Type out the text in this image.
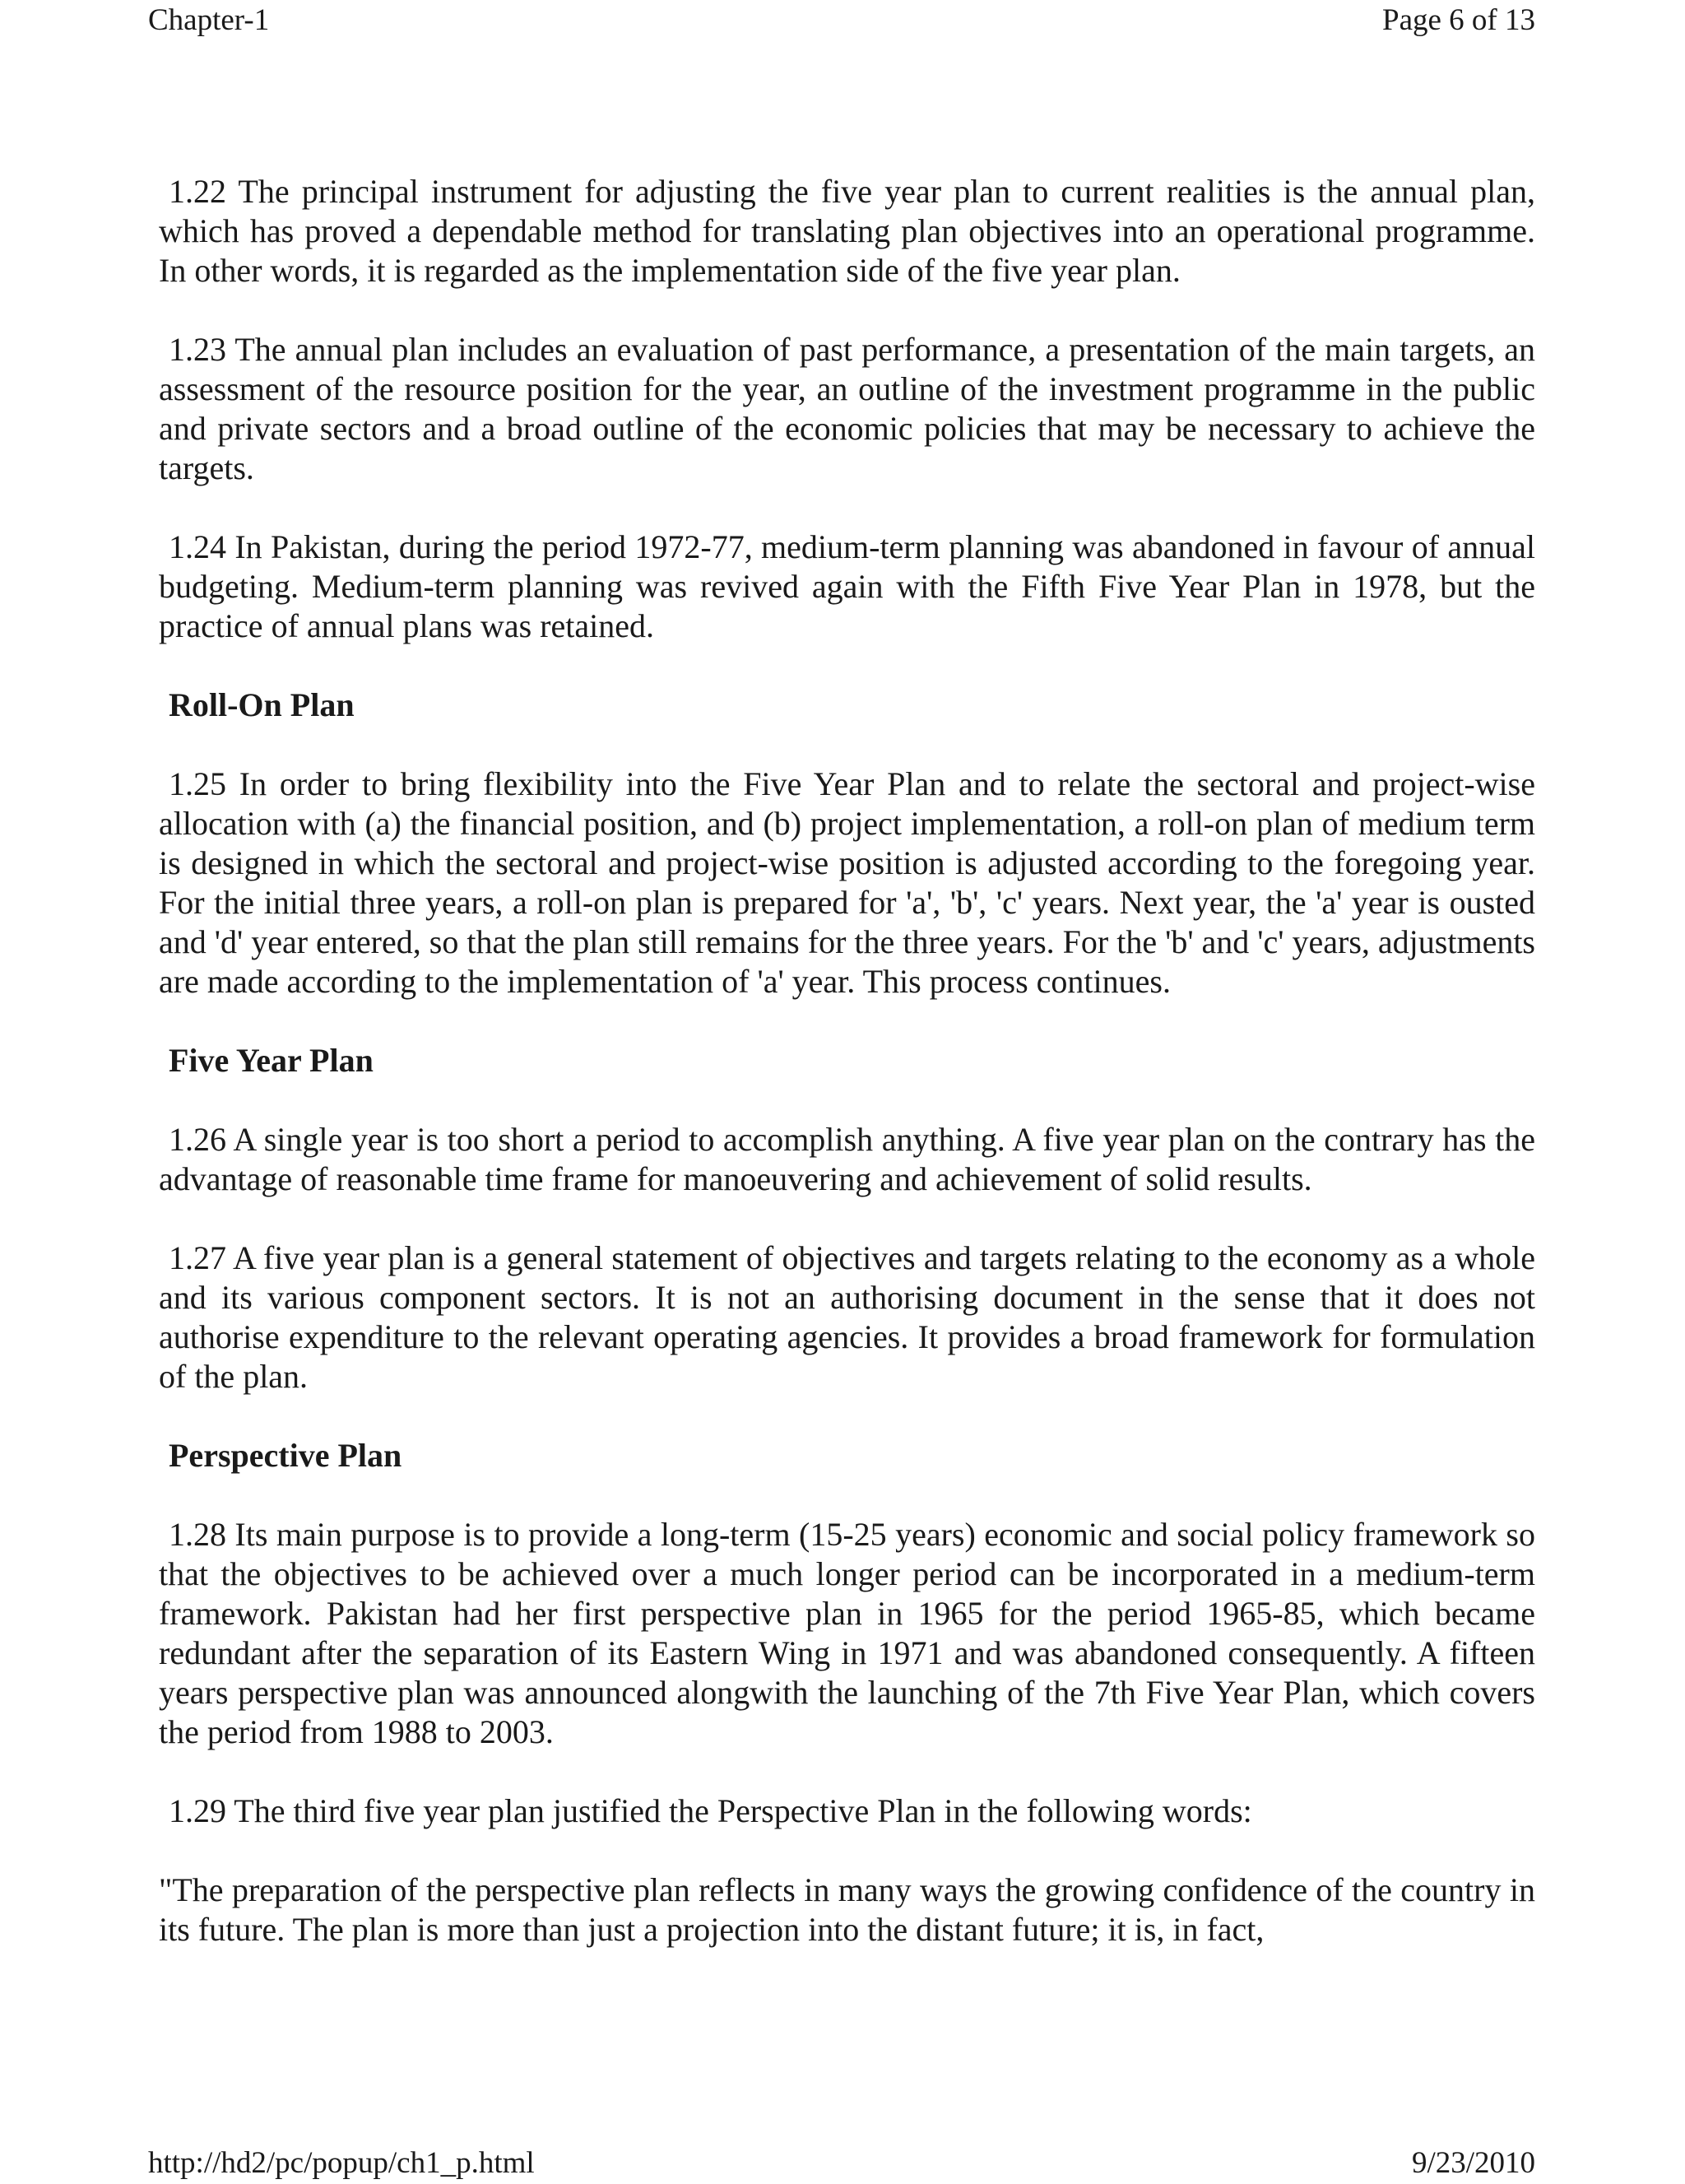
Chapter-1	Page 6 of 13

1.22 The principal instrument for adjusting the five year plan to current realities is the annual plan, which has proved a dependable method for translating plan objectives into an operational programme. In other words, it is regarded as the implementation side of the five year plan.

1.23 The annual plan includes an evaluation of past performance, a presentation of the main targets, an assessment of the resource position for the year, an outline of the investment programme in the public and private sectors and a broad outline of the economic policies that may be necessary to achieve the targets.

1.24 In Pakistan, during the period 1972-77, medium-term planning was abandoned in favour of annual budgeting. Medium-term planning was revived again with the Fifth Five Year Plan in 1978, but the practice of annual plans was retained.

Roll-On Plan

1.25 In order to bring flexibility into the Five Year Plan and to relate the sectoral and project-wise allocation with (a) the financial position, and (b) project implementation, a roll-on plan of medium term is designed in which the sectoral and project-wise position is adjusted according to the foregoing year. For the initial three years, a roll-on plan is prepared for 'a', 'b', 'c' years. Next year, the 'a' year is ousted and 'd' year entered, so that the plan still remains for the three years. For the 'b' and 'c' years, adjustments are made according to the implementation of 'a' year. This process continues.

Five Year Plan

1.26 A single year is too short a period to accomplish anything. A five year plan on the contrary has the advantage of reasonable time frame for manoeuvering and achievement of solid results.

1.27 A five year plan is a general statement of objectives and targets relating to the economy as a whole and its various component sectors. It is not an authorising document in the sense that it does not authorise expenditure to the relevant operating agencies. It provides a broad framework for formulation of the plan.

Perspective Plan

1.28 Its main purpose is to provide a long-term (15-25 years) economic and social policy framework so that the objectives to be achieved over a much longer period can be incorporated in a medium-term framework. Pakistan had her first perspective plan in 1965 for the period 1965-85, which became redundant after the separation of its Eastern Wing in 1971 and was abandoned consequently. A fifteen years perspective plan was announced alongwith the launching of the 7th Five Year Plan, which covers the period from 1988 to 2003.

1.29 The third five year plan justified the Perspective Plan in the following words:

"The preparation of the perspective plan reflects in many ways the growing confidence of the country in its future. The plan is more than just a projection into the distant future; it is, in fact,

http://hd2/pc/popup/ch1_p.html	9/23/2010
